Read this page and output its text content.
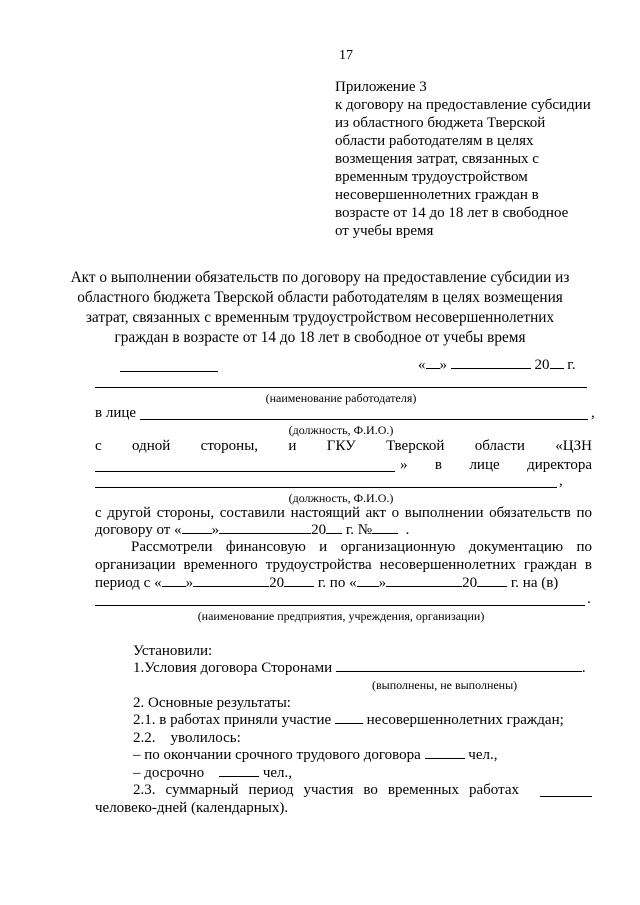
17
Приложение 3
к договору на предоставление субсидии
из областного бюджета Тверской
области работодателям в целях
возмещения затрат, связанных с
временным трудоустройством
несовершеннолетних граждан в
возрасте от 14 до 18 лет в свободное
от учебы время
Акт о выполнении обязательств по договору на предоставление субсидии из областного бюджета Тверской области работодателям в целях возмещения затрат, связанных с временным трудоустройством несовершеннолетних граждан в возрасте от 14 до 18 лет в свободное от учебы время
« »	20 г.
(наименование работодателя)
в лице	,
(должность, Ф.И.О.)
с одной стороны, и ГКУ Тверской области «ЦЗН
» в лице директора
,
(должность, Ф.И.О.)
с другой стороны, составили настоящий акт о выполнении обязательств по
договору от « »	20 г. № .
Рассмотрели финансовую и организационную документацию по
организации временного трудоустройства несовершеннолетних граждан в
период с « »	20 г. по « »	20 г. на (в)
.
(наименование предприятия, учреждения, организации)
Установили:
1.Условия договора Сторонами	.
(выполнены, не выполнены)
2. Основные результаты:
2.1. в работах приняли участие несовершеннолетних граждан;
2.2.    уволилось:
– по окончании срочного трудового договора	чел.,
– досрочно	чел.,
2.3. суммарный период участия во временных работах
человеко-дней (календарных).
